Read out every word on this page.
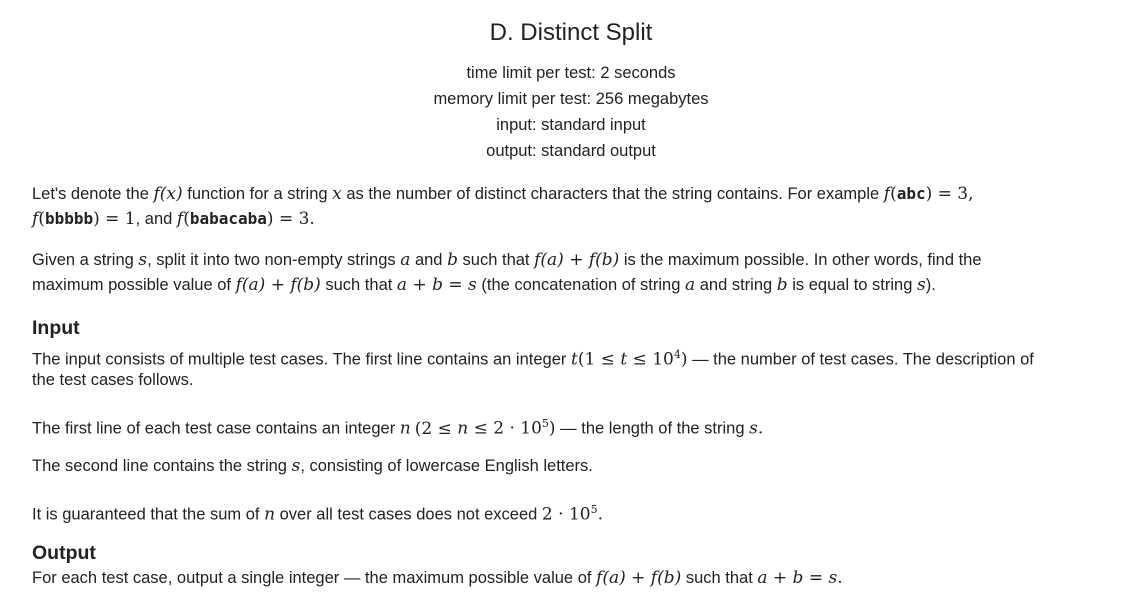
D. Distinct Split
time limit per test: 2 seconds
memory limit per test: 256 megabytes
input: standard input
output: standard output
Let's denote the f(x) function for a string x as the number of distinct characters that the string contains. For example f(abc) = 3,
f(bbbbb) = 1, and f(babacaba) = 3.
Given a string s, split it into two non-empty strings a and b such that f(a) + f(b) is the maximum possible. In other words, find the
maximum possible value of f(a) + f(b) such that a + b = s (the concatenation of string a and string b is equal to string s).
Input
The input consists of multiple test cases. The first line contains an integer $t(1 \le t \le 10^4)$ — the number of test cases. The description of
the test cases follows.
The first line of each test case contains an integer n $(2 \le n \le 2 \cdot 10^5)$ — the length of the string s.
The second line contains the string s, consisting of lowercase English letters.
It is guaranteed that the sum of n over all test cases does not exceed $2 \cdot 10^5$.
Output
For each test case, output a single integer — the maximum possible value of f(a) + f(b) such that a + b = s.
